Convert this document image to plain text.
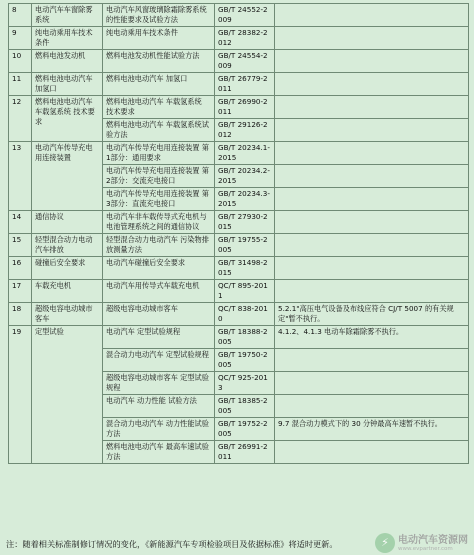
8	电动汽车车窗除雾系统	电动汽车风窗玻璃除霜除雾系统的性能要求及试验方法	GB/T 24552-2009	
9	纯电动乘用车技术条件	纯电动乘用车技术条件	GB/T 28382-2012	
10	燃料电池发动机	燃料电池发动机性能试验方法	GB/T 24554-2009	
11	燃料电池电动汽车 加氢口	燃料电池电动汽车 加氢口	GB/T 26779-2011	
12	燃料电池电动汽车 车载氢系统 技术要求	燃料电池电动汽车 车载氢系统 技术要求	GB/T 26990-2011	
		燃料电池电动汽车 车载氢系统试验方法	GB/T 29126-2012	
13	电动汽车传导充电用连接装置	电动汽车传导充电用连接装置 第1部分：通用要求	GB/T 20234.1-2015	
		电动汽车传导充电用连接装置 第2部分：交流充电接口	GB/T 20234.2-2015	
		电动汽车传导充电用连接装置 第3部分：直流充电接口	GB/T 20234.3-2015	
14	通信协议	电动汽车非车载传导式充电机与电池管理系统之间的通信协议	GB/T 27930-2015	
15	轻型混合动力电动汽车排放	轻型混合动力电动汽车 污染物排放测量方法	GB/T 19755-2005	
16	碰撞后安全要求	电动汽车碰撞后安全要求	GB/T 31498-2015	
17	车载充电机	电动汽车用传导式车载充电机	QC/T 895-2011	
18	超级电容电动城市客车	超级电容电动城市客车	QC/T 838-2010	5.2.1"高压电气设备及布线应符合 CJ/T 5007 的有关规定"暂不执行。
19	定型试验	电动汽车 定型试验规程	GB/T 18388-2005	4.1.2、4.1.3 电动车除霜除雾不执行。
		混合动力电动汽车 定型试验规程	GB/T 19750-2005	
		超级电容电动城市客车 定型试验规程	QC/T 925-2013	
		电动汽车 动力性能 试验方法	GB/T 18385-2005	
		混合动力电动汽车 动力性能试验方法	GB/T 19752-2005	9.7 混合动力模式下的 30 分钟最高车速暂不执行。
		燃料电池电动汽车 最高车速试验方法	GB/T 26991-2011	
注：随着相关标准制修订情况的变化，《新能源汽车专项检验项目及依据标准》将适时更新。	⚡ 电动汽车资源网
www.evpartner.com
